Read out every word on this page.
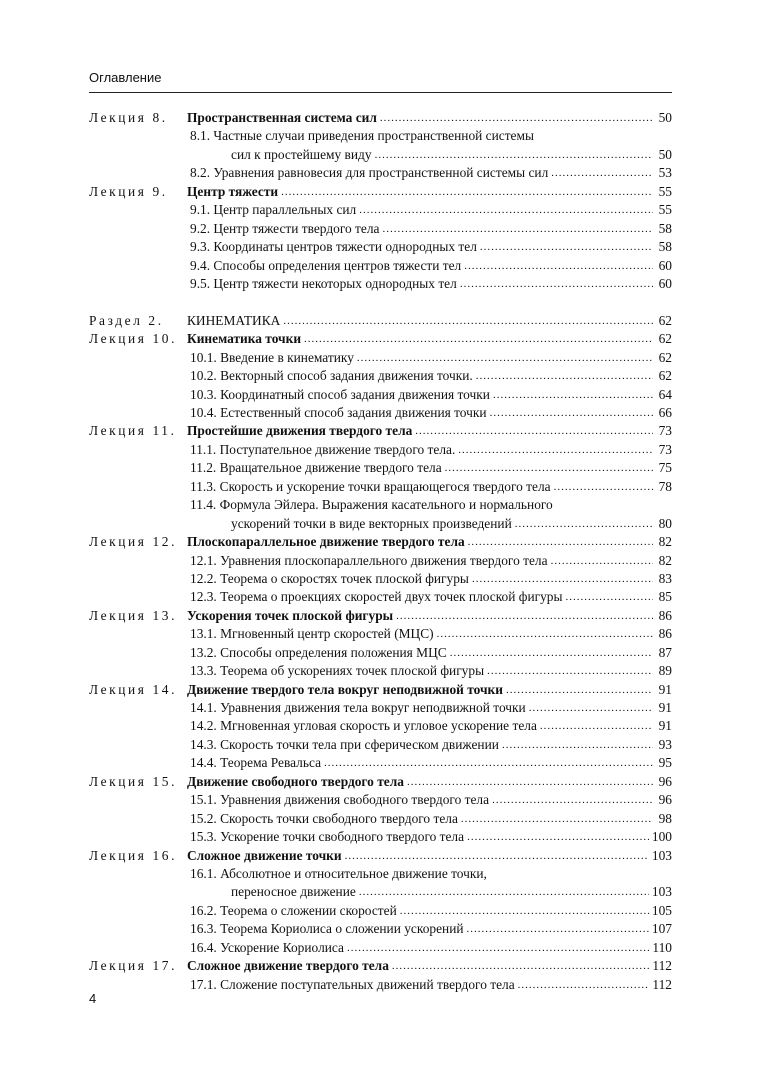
Оглавление
Лекция 8.	Пространственная система сил .....	50
8.1. Частные случаи приведения пространственной системы
сил к простейшему виду .....	50
8.2. Уравнения равновесия для пространственной системы сил .....	53
Лекция 9.	Центр тяжести .....	55
9.1. Центр параллельных сил .....	55
9.2. Центр тяжести твердого тела .....	58
9.3. Координаты центров тяжести однородных тел .....	58
9.4. Способы определения центров тяжести тел .....	60
9.5. Центр тяжести некоторых однородных тел .....	60
Раздел 2.	КИНЕМАТИКА .....	62
Лекция 10. Кинематика точки .....	62
10.1. Введение в кинематику .....	62
10.2. Векторный способ задания движения точки. .....	62
10.3. Координатный способ задания движения точки .....	64
10.4. Естественный способ задания движения точки .....	66
Лекция 11. Простейшие движения твердого тела .....	73
11.1. Поступательное движение твердого тела. .....	73
11.2. Вращательное движение твердого тела .....	75
11.3. Скорость и ускорение точки вращающегося твердого тела .....	78
11.4. Формула Эйлера. Выражения касательного и нормального
ускорений точки в виде векторных произведений .....	80
Лекция 12. Плоскопараллельное движение твердого тела .....	82
12.1. Уравнения плоскопараллельного движения твердого тела .....	82
12.2. Теорема о скоростях точек плоской фигуры .....	83
12.3. Теорема о проекциях скоростей двух точек плоской фигуры .....	85
Лекция 13. Ускорения точек плоской фигуры .....	86
13.1. Мгновенный центр скоростей (МЦС) .....	86
13.2. Способы определения положения МЦС .....	87
13.3. Теорема об ускорениях точек плоской фигуры .....	89
Лекция 14. Движение твердого тела вокруг неподвижной точки .....	91
14.1. Уравнения движения тела вокруг неподвижной точки .....	91
14.2. Мгновенная угловая скорость и угловое ускорение тела .....	91
14.3. Скорость точки тела при сферическом движении .....	93
14.4. Теорема Ревальса .....	95
Лекция 15. Движение свободного твердого тела .....	96
15.1. Уравнения движения свободного твердого тела .....	96
15.2. Скорость точки свободного твердого тела .....	98
15.3. Ускорение точки свободного твердого тела .....	100
Лекция 16. Сложное движение точки .....	103
16.1. Абсолютное и относительное движение точки,
переносное движение .....	103
16.2. Теорема о сложении скоростей .....	105
16.3. Теорема Кориолиса о сложении ускорений .....	107
16.4. Ускорение Кориолиса .....	110
Лекция 17. Сложное движение твердого тела .....	112
17.1. Сложение поступательных движений твердого тела .....	112
4
